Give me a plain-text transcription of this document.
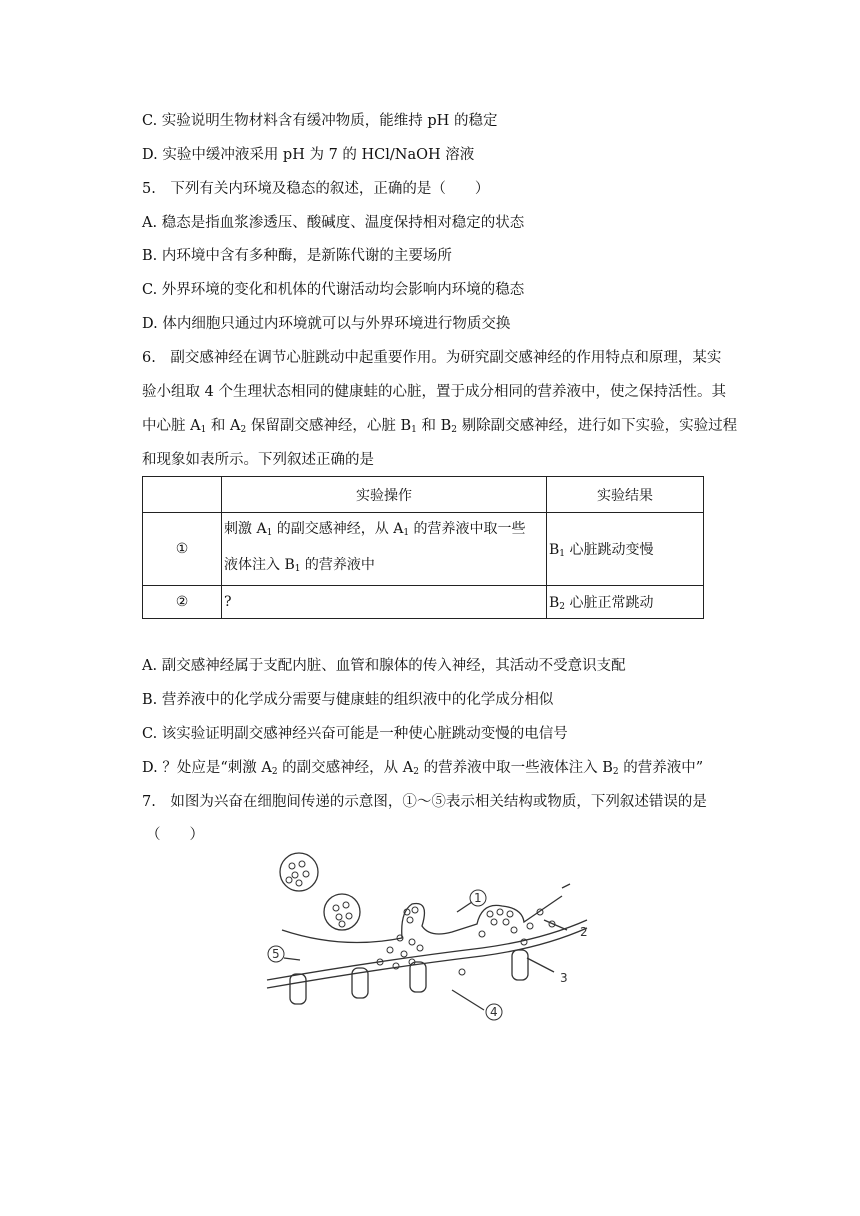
C. 实验说明生物材料含有缓冲物质，能维持 pH 的稳定
D. 实验中缓冲液采用 pH 为 7 的 HCl/NaOH 溶液
5.　下列有关内环境及稳态的叙述，正确的是（　　）
A. 稳态是指血浆渗透压、酸碱度、温度保持相对稳定的状态
B. 内环境中含有多种酶，是新陈代谢的主要场所
C. 外界环境的变化和机体的代谢活动均会影响内环境的稳态
D. 体内细胞只通过内环境就可以与外界环境进行物质交换
6.　副交感神经在调节心脏跳动中起重要作用。为研究副交感神经的作用特点和原理，某实
验小组取 4 个生理状态相同的健康蛙的心脏，置于成分相同的营养液中，使之保持活性。其
中心脏 $A_1$ 和 $A_2$ 保留副交感神经，心脏 $B_1$ 和 $B_2$ 剔除副交感神经，进行如下实验，实验过程
和现象如表所示。下列叙述正确的是
	实验操作	实验结果
①	刺激 $A_1$ 的副交感神经，从 $A_1$ 的营养液中取一些
液体注入 $B_1$ 的营养液中	$B_1$ 心脏跳动变慢
②	?	$B_2$ 心脏正常跳动
A. 副交感神经属于支配内脏、血管和腺体的传入神经，其活动不受意识支配
B. 营养液中的化学成分需要与健康蛙的组织液中的化学成分相似
C. 该实验证明副交感神经兴奋可能是一种使心脏跳动变慢的电信号
D. ？处应是“刺激 $A_2$ 的副交感神经，从 $A_2$ 的营养液中取一些液体注入 $B_2$ 的营养液中”
7.　如图为兴奋在细胞间传递的示意图，①～⑤表示相关结构或物质，下列叙述错误的是
（　　）
1
2
3
4
5
